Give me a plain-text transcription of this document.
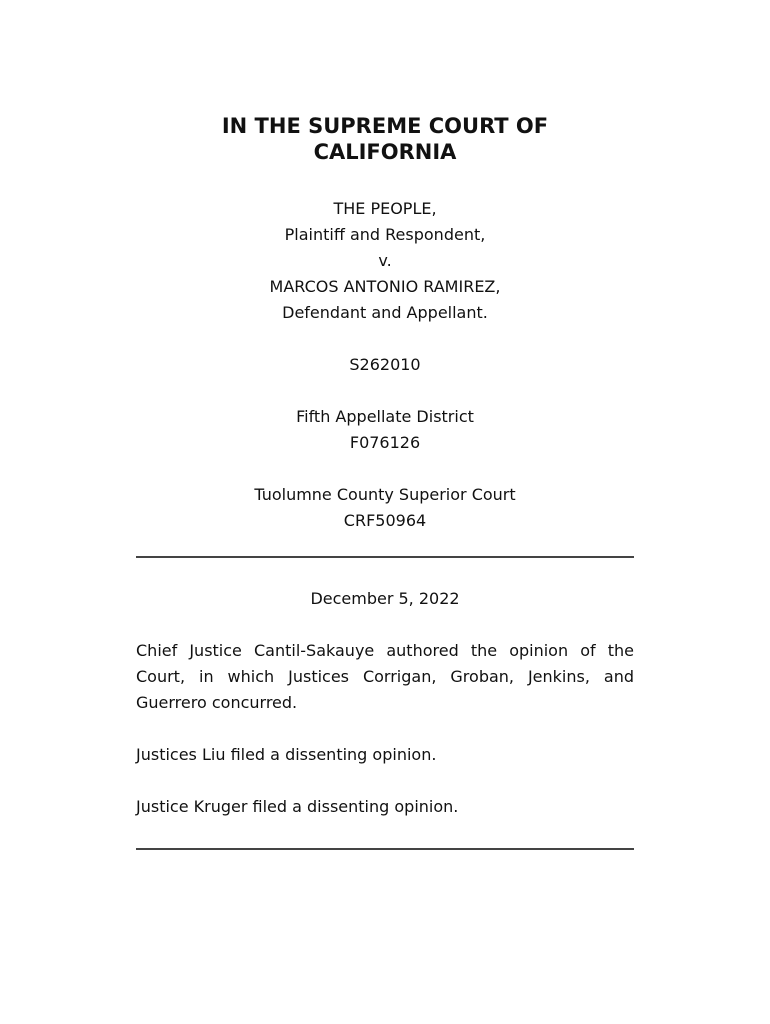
IN THE SUPREME COURT OF
CALIFORNIA
THE PEOPLE,
Plaintiff and Respondent,
v.
MARCOS ANTONIO RAMIREZ,
Defendant and Appellant.
S262010
Fifth Appellate District
F076126
Tuolumne County Superior Court
CRF50964
December 5, 2022

Chief Justice Cantil-Sakauye authored the opinion of the Court, in which Justices Corrigan, Groban, Jenkins, and Guerrero concurred.

Justices Liu filed a dissenting opinion.

Justice Kruger filed a dissenting opinion.
